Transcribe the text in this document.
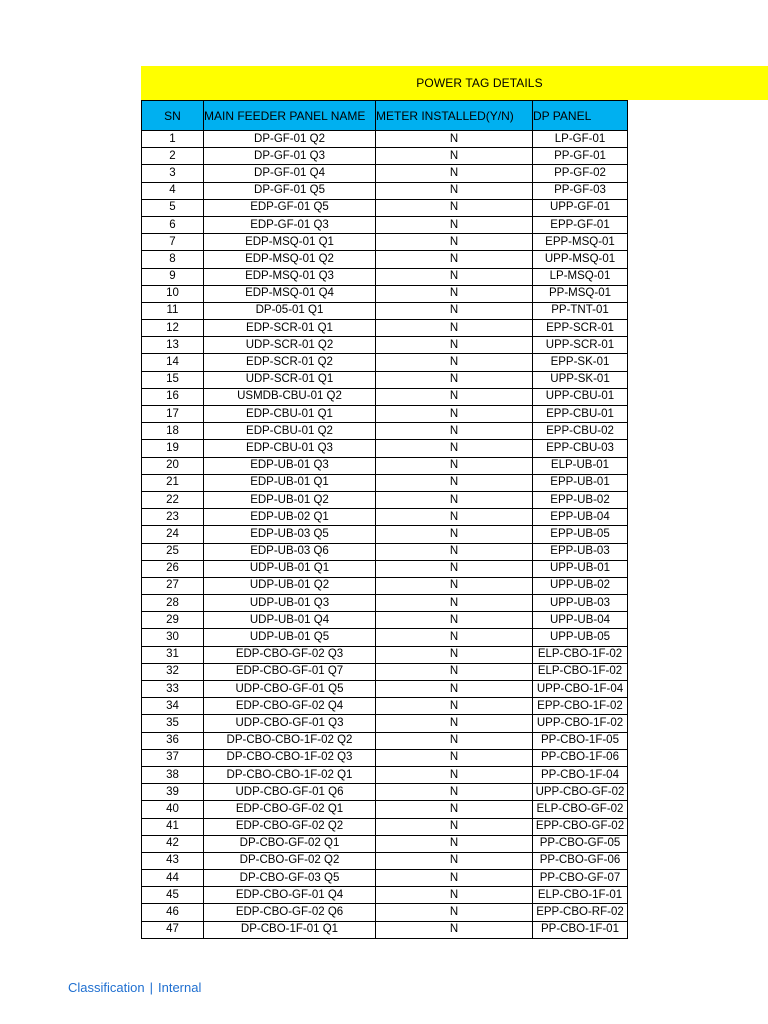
POWER TAG DETAILS
SN	MAIN FEEDER PANEL NAME	METER INSTALLED(Y/N)	DP PANEL
1	DP-GF-01 Q2	N	LP-GF-01
2	DP-GF-01 Q3	N	PP-GF-01
3	DP-GF-01 Q4	N	PP-GF-02
4	DP-GF-01 Q5	N	PP-GF-03
5	EDP-GF-01 Q5	N	UPP-GF-01
6	EDP-GF-01 Q3	N	EPP-GF-01
7	EDP-MSQ-01 Q1	N	EPP-MSQ-01
8	EDP-MSQ-01 Q2	N	UPP-MSQ-01
9	EDP-MSQ-01 Q3	N	LP-MSQ-01
10	EDP-MSQ-01 Q4	N	PP-MSQ-01
11	DP-05-01 Q1	N	PP-TNT-01
12	EDP-SCR-01 Q1	N	EPP-SCR-01
13	UDP-SCR-01 Q2	N	UPP-SCR-01
14	EDP-SCR-01 Q2	N	EPP-SK-01
15	UDP-SCR-01 Q1	N	UPP-SK-01
16	USMDB-CBU-01 Q2	N	UPP-CBU-01
17	EDP-CBU-01 Q1	N	EPP-CBU-01
18	EDP-CBU-01 Q2	N	EPP-CBU-02
19	EDP-CBU-01 Q3	N	EPP-CBU-03
20	EDP-UB-01 Q3	N	ELP-UB-01
21	EDP-UB-01 Q1	N	EPP-UB-01
22	EDP-UB-01 Q2	N	EPP-UB-02
23	EDP-UB-02 Q1	N	EPP-UB-04
24	EDP-UB-03 Q5	N	EPP-UB-05
25	EDP-UB-03 Q6	N	EPP-UB-03
26	UDP-UB-01 Q1	N	UPP-UB-01
27	UDP-UB-01 Q2	N	UPP-UB-02
28	UDP-UB-01 Q3	N	UPP-UB-03
29	UDP-UB-01 Q4	N	UPP-UB-04
30	UDP-UB-01 Q5	N	UPP-UB-05
31	EDP-CBO-GF-02 Q3	N	ELP-CBO-1F-02
32	EDP-CBO-GF-01 Q7	N	ELP-CBO-1F-02
33	UDP-CBO-GF-01 Q5	N	UPP-CBO-1F-04
34	EDP-CBO-GF-02 Q4	N	EPP-CBO-1F-02
35	UDP-CBO-GF-01 Q3	N	UPP-CBO-1F-02
36	DP-CBO-CBO-1F-02 Q2	N	PP-CBO-1F-05
37	DP-CBO-CBO-1F-02 Q3	N	PP-CBO-1F-06
38	DP-CBO-CBO-1F-02 Q1	N	PP-CBO-1F-04
39	UDP-CBO-GF-01 Q6	N	UPP-CBO-GF-02
40	EDP-CBO-GF-02 Q1	N	ELP-CBO-GF-02
41	EDP-CBO-GF-02 Q2	N	EPP-CBO-GF-02
42	DP-CBO-GF-02 Q1	N	PP-CBO-GF-05
43	DP-CBO-GF-02 Q2	N	PP-CBO-GF-06
44	DP-CBO-GF-03 Q5	N	PP-CBO-GF-07
45	EDP-CBO-GF-01 Q4	N	ELP-CBO-1F-01
46	EDP-CBO-GF-02 Q6	N	EPP-CBO-RF-02
47	DP-CBO-1F-01 Q1	N	PP-CBO-1F-01
Classification | Internal
